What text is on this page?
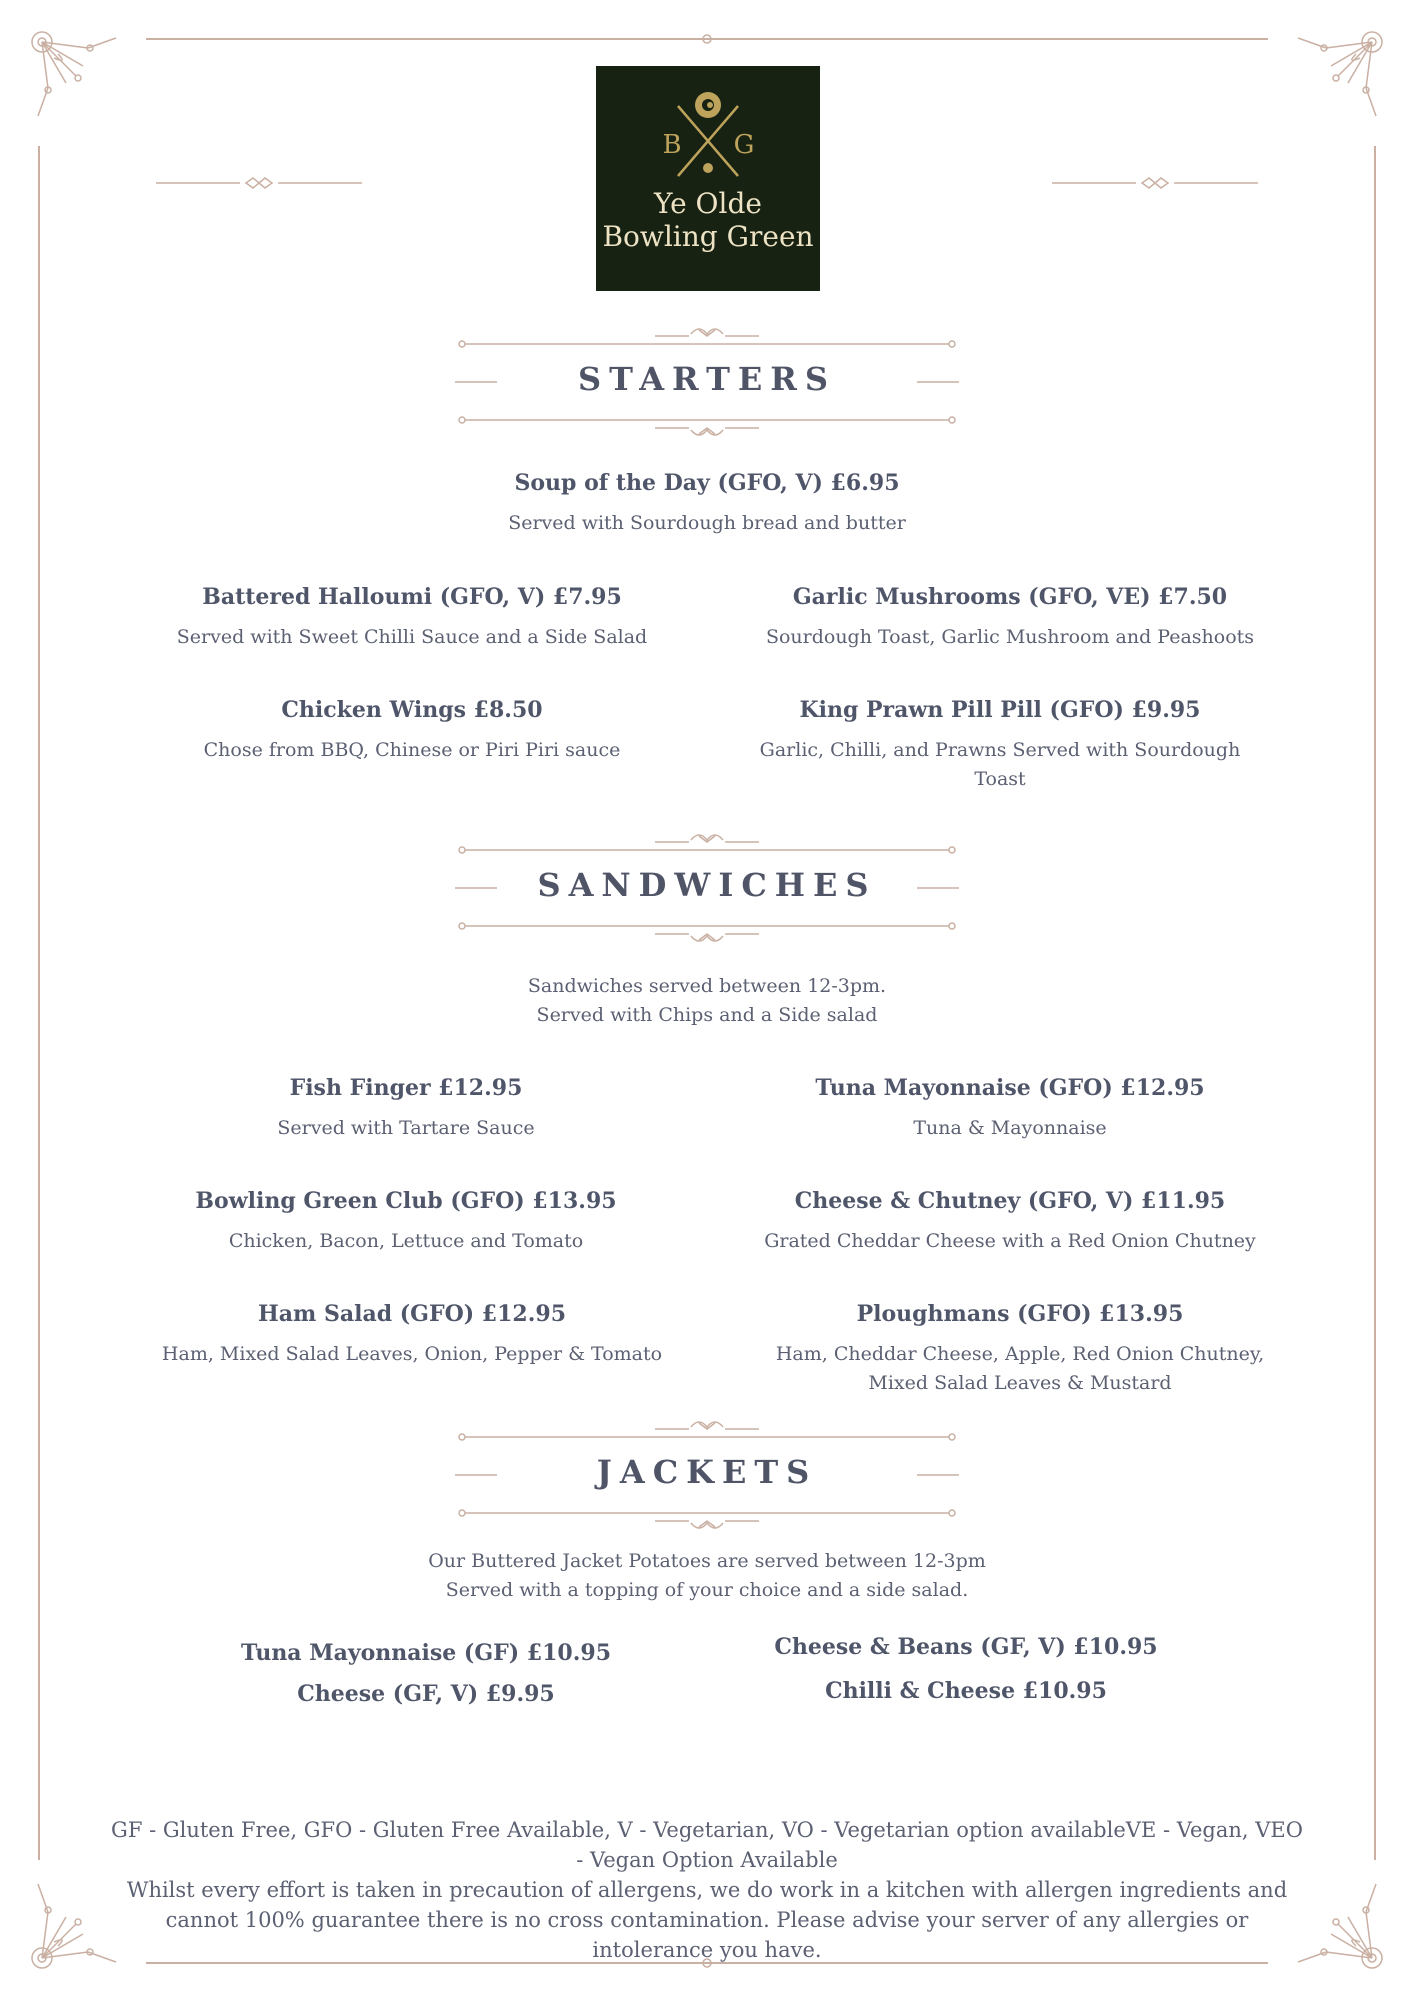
B G
Ye Olde
Bowling Green
STARTERS
Soup of the Day (GFO, V) £6.95
Served with Sourdough bread and butter
Battered Halloumi (GFO, V) £7.95
Served with Sweet Chilli Sauce and a Side Salad
Garlic Mushrooms (GFO, VE) £7.50
Sourdough Toast, Garlic Mushroom and Peashoots
Chicken Wings £8.50
Chose from BBQ, Chinese or Piri Piri sauce
King Prawn Pill Pill (GFO) £9.95
Garlic, Chilli, and Prawns Served with Sourdough Toast
SANDWICHES
Sandwiches served between 12-3pm.
Served with Chips and a Side salad
Fish Finger £12.95
Served with Tartare Sauce
Tuna Mayonnaise (GFO) £12.95
Tuna & Mayonnaise
Bowling Green Club (GFO) £13.95
Chicken, Bacon, Lettuce and Tomato
Cheese & Chutney (GFO, V) £11.95
Grated Cheddar Cheese with a Red Onion Chutney
Ham Salad (GFO) £12.95
Ham, Mixed Salad Leaves, Onion, Pepper & Tomato
Ploughmans (GFO) £13.95
Ham, Cheddar Cheese, Apple, Red Onion Chutney, Mixed Salad Leaves & Mustard
JACKETS
Our Buttered Jacket Potatoes are served between 12-3pm
Served with a topping of your choice and a side salad.
Tuna Mayonnaise (GF) £10.95	Cheese & Beans (GF, V) £10.95
Cheese (GF, V) £9.95	Chilli & Cheese £10.95
GF - Gluten Free, GFO - Gluten Free Available, V - Vegetarian, VO - Vegetarian option availableVE - Vegan, VEO - Vegan Option Available
Whilst every effort is taken in precaution of allergens, we do work in a kitchen with allergen ingredients and cannot 100% guarantee there is no cross contamination. Please advise your server of any allergies or intolerance you have.
